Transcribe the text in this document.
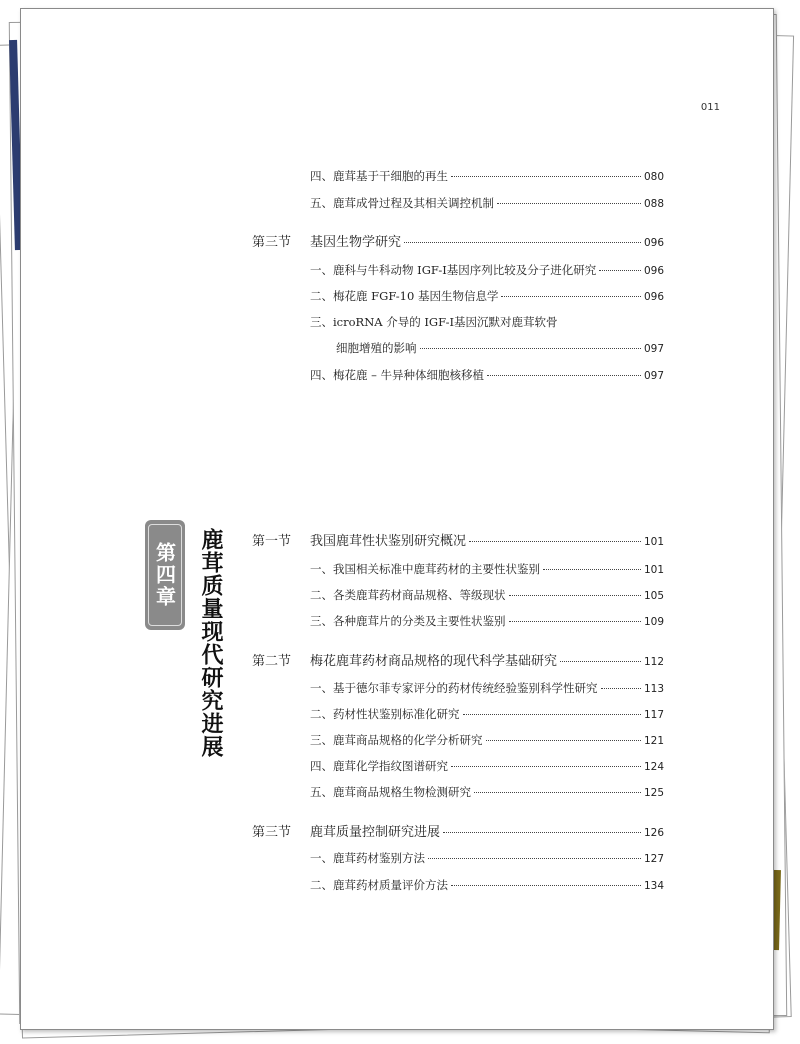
011
第四章 鹿茸质量现代研究进展
四、鹿茸基于干细胞的再生	080
五、鹿茸成骨过程及其相关调控机制	088
第三节	基因生物学研究	096
一、鹿科与牛科动物 IGF-Ⅰ基因序列比较及分子进化研究	096
二、梅花鹿 FGF-10 基因生物信息学	096
三、icroRNA 介导的 IGF-Ⅰ基因沉默对鹿茸软骨
细胞增殖的影响	097
四、梅花鹿 – 牛异种体细胞核移植	097
第一节	我国鹿茸性状鉴别研究概况	101
一、我国相关标准中鹿茸药材的主要性状鉴别	101
二、各类鹿茸药材商品规格、等级现状	105
三、各种鹿茸片的分类及主要性状鉴别	109
第二节	梅花鹿茸药材商品规格的现代科学基础研究	112
一、基于德尔菲专家评分的药材传统经验鉴别科学性研究	113
二、药材性状鉴别标准化研究	117
三、鹿茸商品规格的化学分析研究	121
四、鹿茸化学指纹图谱研究	124
五、鹿茸商品规格生物检测研究	125
第三节	鹿茸质量控制研究进展	126
一、鹿茸药材鉴别方法	127
二、鹿茸药材质量评价方法	134
